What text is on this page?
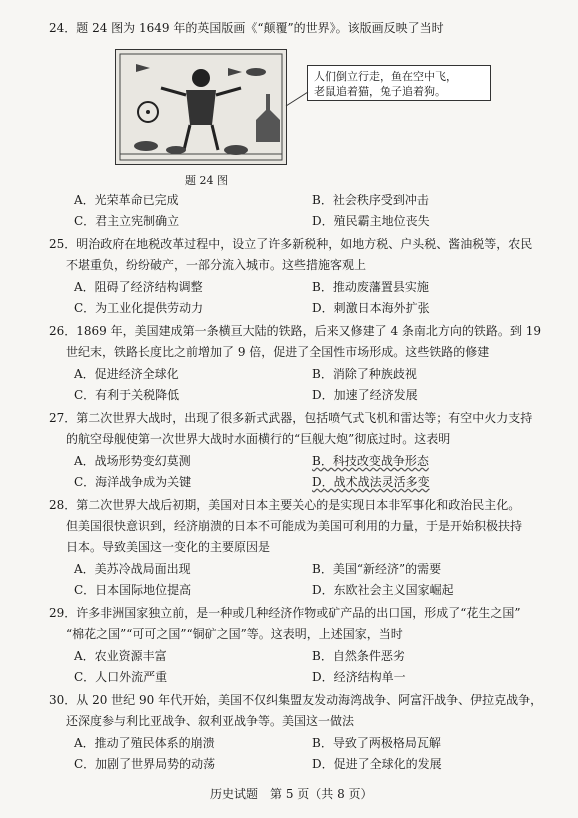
24．题 24 图为 1649 年的英国版画《“颠覆”的世界》。该版画反映了当时
人们倒立行走，鱼在空中飞，
老鼠追着猫，兔子追着狗。
题 24 图
A．光荣革命已完成	B．社会秩序受到冲击
C．君主立宪制确立	D．殖民霸主地位丧失
25．明治政府在地税改革过程中，设立了许多新税种，如地方税、户头税、酱油税等，农民
不堪重负，纷纷破产，一部分流入城市。这些措施客观上
A．阻碍了经济结构调整	B．推动废藩置县实施
C．为工业化提供劳动力	D．刺激日本海外扩张
26．1869 年，美国建成第一条横亘大陆的铁路，后来又修建了 4 条南北方向的铁路。到 19
世纪末，铁路长度比之前增加了 9 倍，促进了全国性市场形成。这些铁路的修建
A．促进经济全球化	B．消除了种族歧视
C．有利于关税降低	D．加速了经济发展
27．第二次世界大战时，出现了很多新式武器，包括喷气式飞机和雷达等；有空中火力支持
的航空母舰使第一次世界大战时水面横行的“巨舰大炮”彻底过时。这表明
A．战场形势变幻莫测	B．科技改变战争形态
C．海洋战争成为关键	D．战术战法灵活多变
28．第二次世界大战后初期，美国对日本主要关心的是实现日本非军事化和政治民主化。
但美国很快意识到，经济崩溃的日本不可能成为美国可利用的力量，于是开始积极扶持
日本。导致美国这一变化的主要原因是
A．美苏冷战局面出现	B．美国“新经济”的需要
C．日本国际地位提高	D．东欧社会主义国家崛起
29．许多非洲国家独立前，是一种或几种经济作物或矿产品的出口国，形成了“花生之国”
“棉花之国”“可可之国”“铜矿之国”等。这表明，上述国家，当时
A．农业资源丰富	B．自然条件恶劣
C．人口外流严重	D．经济结构单一
30．从 20 世纪 90 年代开始，美国不仅纠集盟友发动海湾战争、阿富汗战争、伊拉克战争，
还深度参与利比亚战争、叙利亚战争等。美国这一做法
A．推动了殖民体系的崩溃	B．导致了两极格局瓦解
C．加剧了世界局势的动荡	D．促进了全球化的发展
历史试题　第 5 页（共 8 页）
